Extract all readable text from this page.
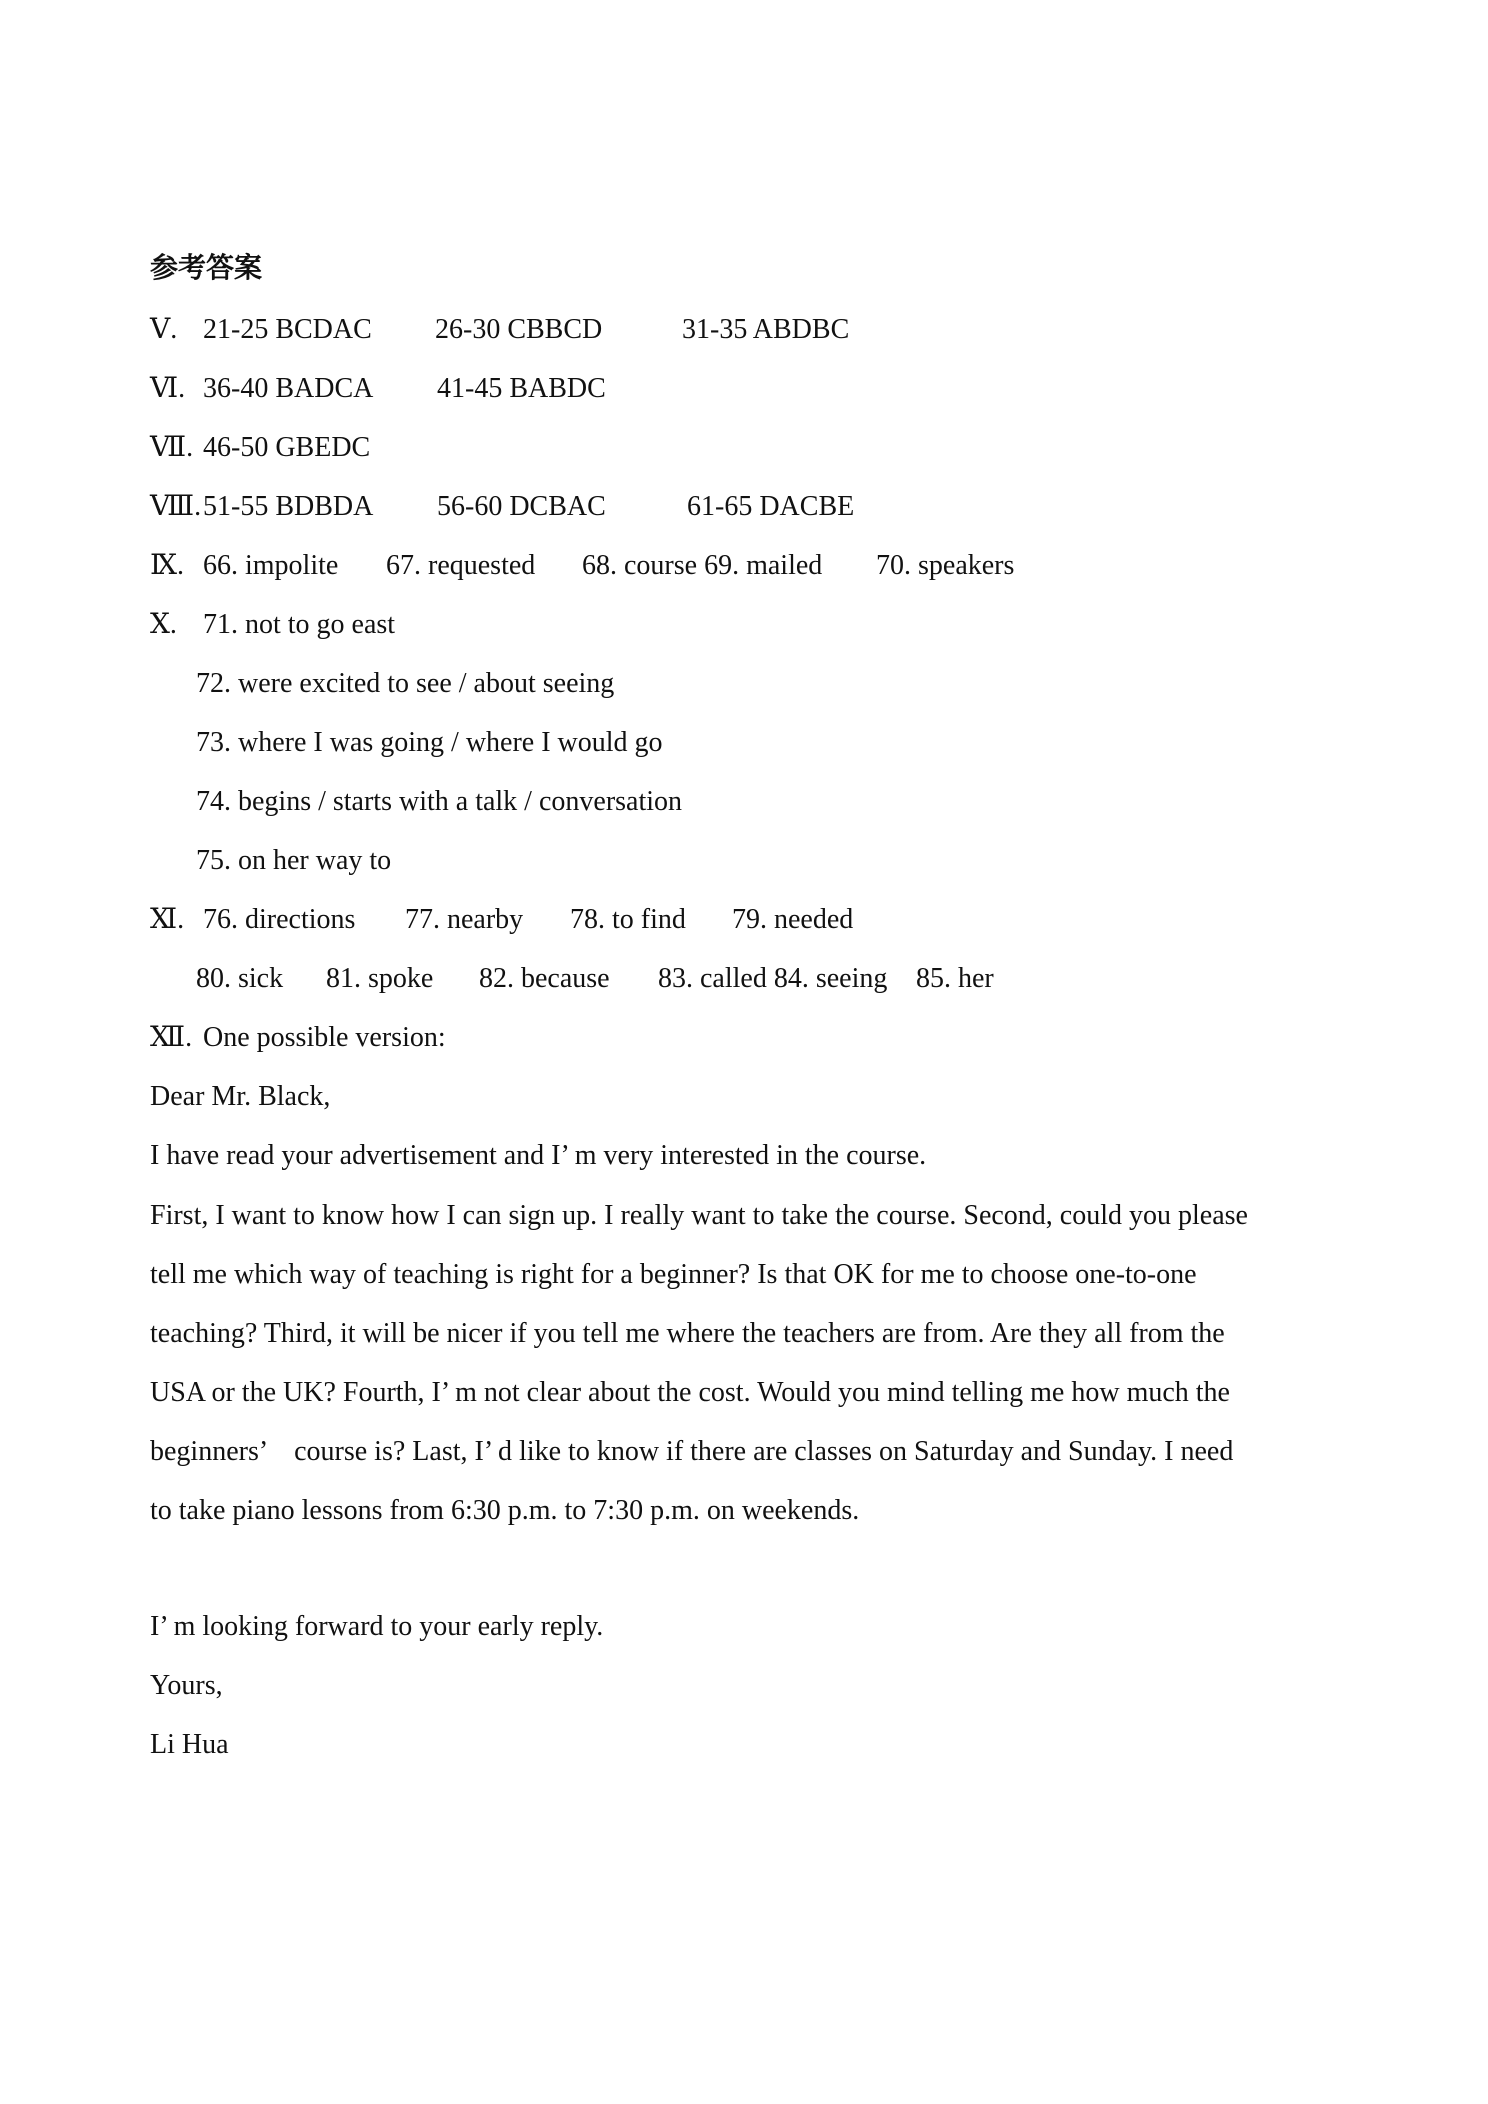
参考答案
Ⅴ. 21-25 BCDAC 26-30 CBBCD	31-35 ABDBC
Ⅵ. 36-40 BADCA 41-45 BABDC
Ⅶ. 46-50 GBEDC
Ⅷ. 51-55 BDBDA 56-60 DCBAC	61-65 DACBE
Ⅸ. 66. impolite 67. requested 68. course 69. mailed 70. speakers
Ⅹ. 71. not to go east
72. were excited to see / about seeing
73. where I was going / where I would go
74. begins / starts with a talk / conversation
75. on her way to
Ⅺ. 76. directions 77. nearby 78. to find 79. needed
80. sick 81. spoke 82. because 83. called 84. seeing 85. her
Ⅻ. One possible version:
Dear Mr. Black,
I have read your advertisement and I’ m very interested in the course.
First, I want to know how I can sign up. I really want to take the course. Second, could you please tell me which way of teaching is right for a beginner? Is that OK for me to choose one-to-one teaching? Third, it will be nicer if you tell me where the teachers are from. Are they all from the USA or the UK? Fourth, I’ m not clear about the cost. Would you mind telling me how much the beginners’　course is? Last, I’ d like to know if there are classes on Saturday and Sunday. I need to take piano lessons from 6:30 p.m. to 7:30 p.m. on weekends.
I’ m looking forward to your early reply.
Yours,
Li Hua
